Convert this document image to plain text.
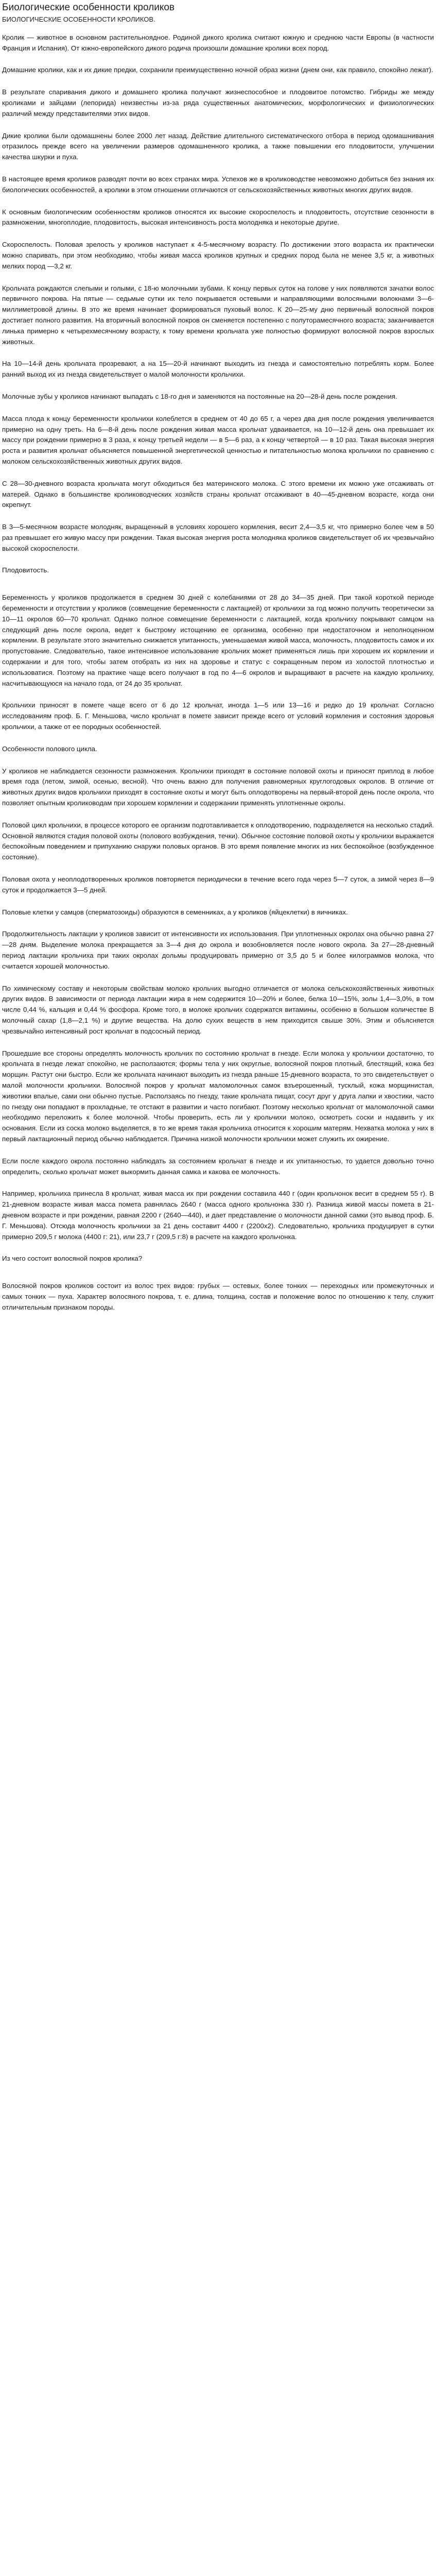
Биологические особенности кроликов
БИОЛОГИЧЕСКИЕ ОСОБЕННОСТИ КРОЛИКОВ.

Кролик — животное в основном растительноядное. Родиной дикого кролика считают южную и среднюю части Европы (в частности Франция и Испания). От южно-европейского дикого родича произошли домашние кролики всех пород.

Домашние кролики, как и их дикие предки, сохранили преимущественно ночной образ жизни (днем они, как правило, спокойно лежат).

В результате спаривания дикого и домашнего кролика получают жизнеспособное и плодовитое потомство. Гибриды же между кроликами и зайцами (лепорида) неизвестны из-за ряда существенных анатомических, морфологических и физиологических различий между представителями этих видов.

Дикие кролики были одомашнены более 2000 лет назад. Действие длительного систематического отбора в период одомашнивания отразилось прежде всего на увеличении размеров одомашненного кролика, а также повышении его плодовитости, улучшении качества шкурки и пуха.

В настоящее время кроликов разводят почти во всех странах мира. Успехов же в кролиководстве невозможно добиться без знания их биологических особенностей, а кролики в этом отношении отличаются от сельскохозяйственных животных многих других видов.

К основным биологическим особенностям кроликов относятся их высокие скороспелость и плодовитость, отсутствие сезонности в размножении, многоплодие, плодовитость, высокая интенсивность роста молодняка и некоторые другие.

Скороспелость. Половая зрелость у кроликов наступает к 4-5-месячному возрасту. По достижении этого возраста их практически можно спаривать, при этом необходимо, чтобы живая масса кроликов крупных и средних пород была не менее 3,5 кг, а животных мелких пород —3,2 кг.

Крольчата рождаются слепыми и голыми, с 18-ю молочными зубами. К концу первых суток на голове у них появляются зачатки волос первичного покрова. На пятые — седьмые сутки их тело покрывается остевыми и направляющими волосяными волокнами 3—6-миллиметровой длины. В это же время начинает формироваться пуховый волос. К 20—25-му дню первичный волосяной покров достигает полного развития. На вторичный волосяной покров он сменяется постепенно с полуторамесячного возраста; заканчивается линька примерно к четырехмесячному возрасту, к тому времени крольчата уже полностью формируют волосяной покров взрослых животных.

На 10—14-й день крольчата прозревают, а на 15—20-й начинают выходить из гнезда и самостоятельно потреблять корм. Более ранний выход их из гнезда свидетельствует о малой молочности крольчихи.

Молочные зубы у кроликов начинают выпадать с 18-го дня и заменяются на постоянные на 20—28-й день после рождения.

Масса плода к концу беременности крольчихи колеблется в среднем от 40 до 65 г, а через два дня после рождения увеличивается примерно на одну треть. На 6—8-й день после рождения живая масса крольчат удваивается, на 10—12-й день она превышает их массу при рождении примерно в 3 раза, к концу третьей недели — в 5—6 раз, а к концу четвертой — в 10 раз. Такая высокая энергия роста и развития крольчат объясняется повышенной энергетической ценностью и питательностью молока крольчихи по сравнению с молоком сельскохозяйственных животных других видов.

С 28—30-дневного возраста крольчата могут обходиться без материнского молока. С этого времени их можно уже отсаживать от матерей. Однако в большинстве кролиководческих хозяйств страны крольчат отсаживают в 40—45-дневном возрасте, когда они окрепнут.

В 3—5-месячном возрасте молодняк, выращенный в условиях хорошего кормления, весит 2,4—3,5 кг, что примерно более чем в 50 раз превышает его живую массу при рождении. Такая высокая энергия роста молодняка кроликов свидетельствует об их чрезвычайно высокой скороспелости.

Плодовитость.

Беременность у кроликов продолжается в среднем 30 дней с колебаниями от 28 до 34—35 дней. При такой короткой периоде беременности и отсутствии у кроликов (совмещение беременности с лактацией) от крольчихи за год можно получить теоретически за 10—11 окролов 60—70 крольчат. Однако полное совмещение беременности с лактацией, когда крольчиху покрывают самцом на следующий день после окрола, ведет к быстрому истощению ее организма, особенно при недостаточном и неполноценном кормлении. В результате этого значительно снижается упитанность, уменьшаемая живой масса, молочность, плодовитость самок и их пропустование. Следовательно, такое интенсивное использование крольчих может применяться лишь при хорошем их кормлении и содержании и для того, чтобы затем отобрать из них на здоровье и статус с сокращенным пером из холостой плотностью и использоватися. Поэтому на практике чаще всего получают в год по 4—6 окролов и выращивают в расчете на каждую крольчиху, насчитывающуюся на начало года, от 24 до 35 крольчат.

Крольчихи приносят в помете чаще всего от 6 до 12 крольчат, иногда 1—5 или 13—16 и редко до 19 крольчат. Согласно исследованиям проф. Б. Г. Меньшова, число крольчат в помете зависит прежде всего от условий кормления и состояния здоровья крольчихи, а также от ее породных особенностей.

Особенности полового цикла.

У кроликов не наблюдается сезонности размножения. Крольчихи приходят в состояние половой охоты и приносят приплод в любое время года (летом, зимой, осенью, весной). Что очень важно для получения равномерных круглогодовых окролов. В отличие от животных других видов крольчихи приходят в состояние охоты и могут быть оплодотворены на первый-второй день после окрола, что позволяет опытным кролиководам при хорошем кормлении и содержании применять уплотненные окролы.

Половой цикл крольчихи, в процессе которого ее организм подготавливается к оплодотворению, подразделяется на несколько стадий. Основной являются стадия половой охоты (полового возбуждения, течки). Обычное состояние половой охоты у крольчихи выражается беспокойным поведением и припуханию снаружи половых органов. В это время появление многих из них беспокойное (возбужденное состояние).

Половая охота у неоплодотворенных кроликов повторяется периодически в течение всего года через 5—7 суток, а зимой через 8—9 суток и продолжается 3—5 дней.

Половые клетки у самцов (сперматозоиды) образуются в семенниках, а у кроликов (яйцеклетки) в яичниках.

Продолжительность лактации у кроликов зависит от интенсивности их использования. При уплотненных окролах она обычно равна 27—28 дням. Выделение молока прекращается за 3—4 дня до окрола и возобновляется после нового окрола. За 27—28-дневный период лактации крольчиха при таких окролах дольмы продуцировать примерно от 3,5 до 5 и более килограммов молока, что считается хорошей молочностью.

По химическому составу и некоторым свойствам молоко крольчих выгодно отличается от молока сельскохозяйственных животных других видов. В зависимости от периода лактации жира в нем содержится 10—20% и более, белка 10—15%, золы 1,4—3,0%, в том числе 0,44 %, кальция и 0,44 % фосфора. Кроме того, в молоке крольчих содержатся витамины, особенно в большом количестве В молочный сахар (1,8—2,1 %) и другие вещества. На долю сухих веществ в нем приходится свыше 30%. Этим и объясняется чрезвычайно интенсивный рост крольчат в подсосный период.

Прошедшие все стороны определять молочность крольчих по состоянию крольчат в гнезде. Если молока у крольчихи достаточно, то крольчата в гнезде лежат спокойно, не расползаются; формы тела у них округлые, волосяной покров плотный, блестящий, кожа без морщин. Растут они быстро. Если же крольчата начинают выходить из гнезда раньше 15-дневного возраста, то это свидетельствует о малой молочности крольчихи. Волосяной покров у крольчат маломолочных самок взъерошенный, тусклый, кожа морщинистая, животики впалые, сами они обычно пустые. Расползаясь по гнезду, такие крольчата пищат, сосут друг у друга лапки и хвостики, часто по гнезду они попадают в прохладные, те отстают в развитии и часто погибают. Поэтому несколько крольчат от маломолочной самки необходимо переложить к более молочной. Чтобы проверить, есть ли у крольчихи молоко, осмотреть соски и надавить у их основания. Если из соска молоко выделяется, в то же время такая крольчиха относится к хорошим матерям. Нехватка молока у них в первый лактационный период обычно наблюдается. Причина низкой молочности крольчихи может служить их ожирение.

Если после каждого окрола постоянно наблюдать за состоянием крольчат в гнезде и их упитанностью, то удается довольно точно определить, сколько крольчат может выкормить данная самка и какова ее молочность.

Например, крольчиха принесла 8 крольчат, живая масса их при рождении составила 440 г (один крольчонок весит в среднем 55 г). В 21-дневном возрасте живая масса помета равнялась 2640 г (масса одного крольчонка 330 г). Разница живой массы помета в 21-дневном возрасте и при рождении, равная 2200 г (2640—440), и дает представление о молочности данной самки (это вывод проф. Б. Г. Меньшова). Отсюда молочность крольчихи за 21 день составит 4400 г (2200х2). Следовательно, крольчиха продуцирует в сутки примерно 209,5 г молока (4400 г: 21), или 23,7 г (209,5 г:8) в расчете на каждого крольчонка.

Из чего состоит волосяной покров кролика?

Волосяной покров кроликов состоит из волос трех видов: грубых — остевых, более тонких — переходных или промежуточных и самых тонких — пуха. Характер волосяного покрова, т. е. длина, толщина, состав и положение волос по отношению к телу, служит отличительным признаком породы.
